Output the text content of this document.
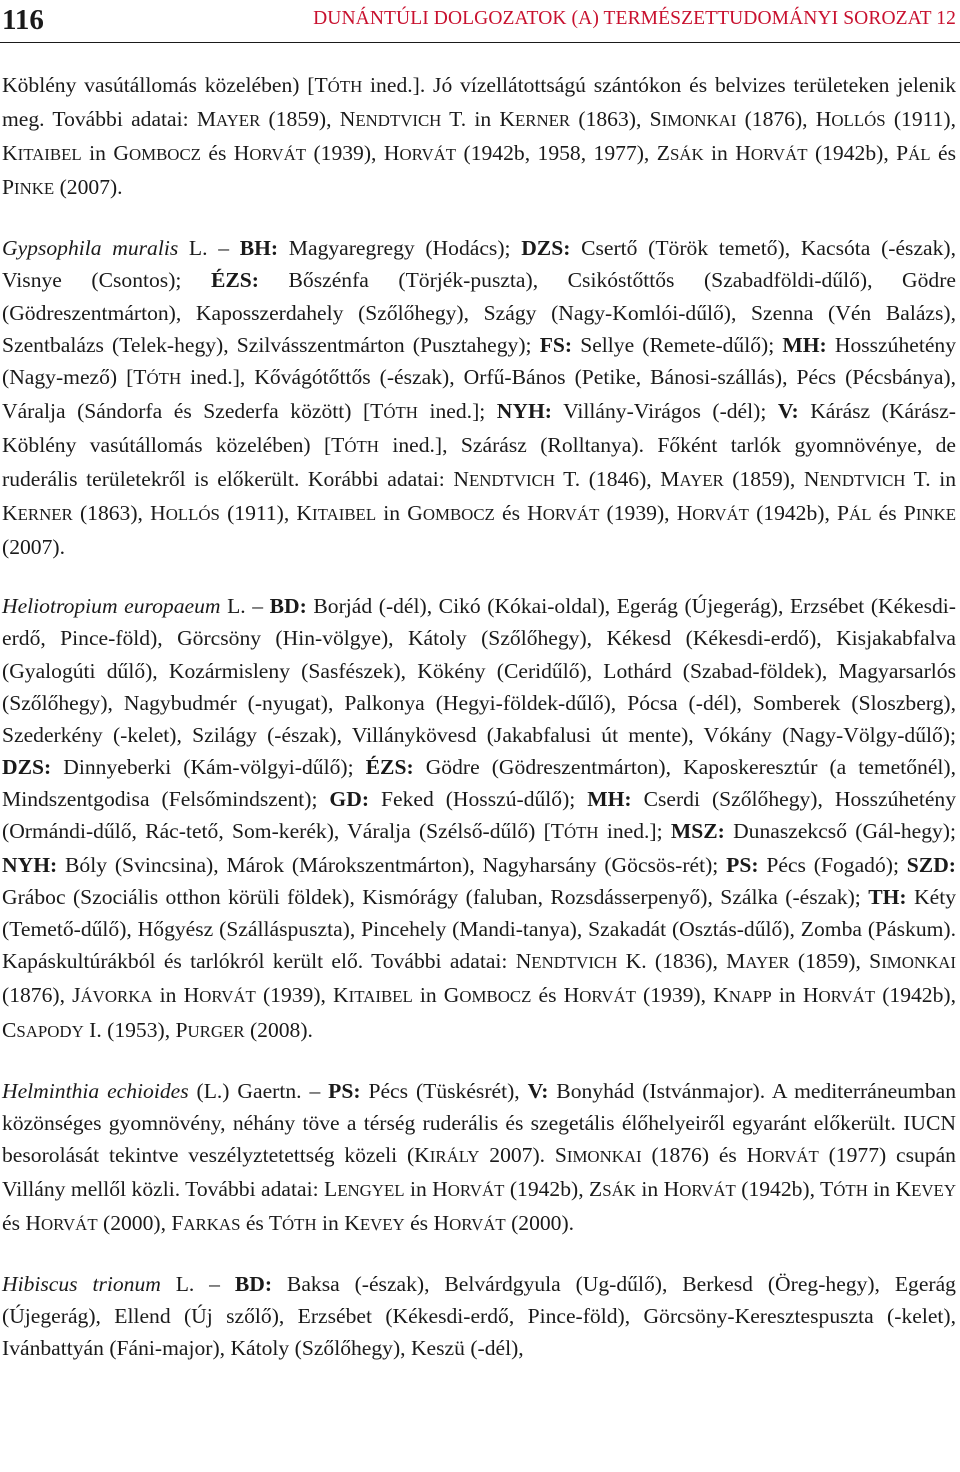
116	DUNÁNTÚLI DOLGOZATOK (A) TERMÉSZETTUDOMÁNYI SOROZAT 12

Köblény vasútállomás közelében) [TÓTH ined.]. Jó vízellátottságú szántókon és belvizes területeken jelenik meg. További adatai: MAYER (1859), NENDTVICH T. in KERNER (1863), SIMONKAI (1876), HOLLÓS (1911), KITAIBEL in GOMBOCZ és HORVÁT (1939), HORVÁT (1942b, 1958, 1977), ZSÁK in HORVÁT (1942b), PÁL és PINKE (2007).

Gypsophila muralis L. – BH: Magyaregregy (Hodács); DZS: Csertő (Török temető), Kacsóta (-észak), Visnye (Csontos); ÉZS: Bőszénfa (Törjék-puszta), Csikóstőttős (Szabadföldi-dűlő), Gödre (Gödreszentmárton), Kaposszerdahely (Szőlőhegy), Szágy (Nagy-Komlói-dűlő), Szenna (Vén Balázs), Szentbalázs (Telek-hegy), Szilvásszentmárton (Pusztahegy); FS: Sellye (Remete-dűlő); MH: Hosszúhetény (Nagy-mező) [TÓTH ined.], Kővágótőttős (-észak), Orfű-Bános (Petike, Bánosi-szállás), Pécs (Pécsbánya), Váralja (Sándorfa és Szederfa között) [TÓTH ined.]; NYH: Villány-Virágos (-dél); V: Kárász (Kárász-Köblény vasútállomás közelében) [TÓTH ined.], Szárász (Rolltanya). Főként tarlók gyomnövénye, de ruderális területekről is előkerült. Korábbi adatai: NENDTVICH T. (1846), MAYER (1859), NENDTVICH T. in KERNER (1863), HOLLÓS (1911), KITAIBEL in GOMBOCZ és HORVÁT (1939), HORVÁT (1942b), PÁL és PINKE (2007).

Heliotropium europaeum L. – BD: Borjád (-dél), Cikó (Kókai-oldal), Egerág (Újegerág), Erzsébet (Kékesdi-erdő, Pince-föld), Görcsöny (Hin-völgye), Kátoly (Szőlőhegy), Kékesd (Kékesdi-erdő), Kisjakabfalva (Gyalogúti dűlő), Kozármisleny (Sasfészek), Kökény (Ceridűlő), Lothárd (Szabad-földek), Magyarsarlós (Szőlőhegy), Nagybudmér (-nyugat), Palkonya (Hegyi-földek-dűlő), Pócsa (-dél), Somberek (Sloszberg), Szederkény (-kelet), Szilágy (-észak), Villánykövesd (Jakabfalusi út mente), Vókány (Nagy-Völgy-dűlő); DZS: Dinnyeberki (Kám-völgyi-dűlő); ÉZS: Gödre (Gödreszentmárton), Kaposkeresztúr (a temetőnél), Mindszentgodisa (Felsőmindszent); GD: Feked (Hosszú-dűlő); MH: Cserdi (Szőlőhegy), Hosszúhetény (Ormándi-dűlő, Rác-tető, Som-kerék), Váralja (Szélső-dűlő) [TÓTH ined.]; MSZ: Dunaszekcső (Gál-hegy); NYH: Bóly (Svincsina), Márok (Márokszentmárton), Nagyharsány (Göcsös-rét); PS: Pécs (Fogadó); SZD: Gráboc (Szociális otthon körüli földek), Kismórágy (faluban, Rozsdásserpenyő), Szálka (-észak); TH: Kéty (Temető-dűlő), Hőgyész (Szálláspuszta), Pincehely (Mandi-tanya), Szakadát (Osztás-dűlő), Zomba (Páskum). Kapáskultúrákból és tarlókról került elő. További adatai: NENDTVICH K. (1836), MAYER (1859), SIMONKAI (1876), JÁVORKA in HORVÁT (1939), KITAIBEL in GOMBOCZ és HORVÁT (1939), KNAPP in HORVÁT (1942b), CSAPODY I. (1953), PURGER (2008).

Helminthia echioides (L.) Gaertn. – PS: Pécs (Tüskésrét), V: Bonyhád (Istvánmajor). A mediterráneumban közönséges gyomnövény, néhány töve a térség ruderális és szegetális élőhelyeiről egyaránt előkerült. IUCN besorolását tekintve veszélyztetettség közeli (KIRÁLY 2007). SIMONKAI (1876) és HORVÁT (1977) csupán Villány mellől közli. További adatai: LENGYEL in HORVÁT (1942b), ZSÁK in HORVÁT (1942b), TÓTH in KEVEY és HORVÁT (2000), FARKAS és TÓTH in KEVEY és HORVÁT (2000).

Hibiscus trionum L. – BD: Baksa (-észak), Belvárdgyula (Ug-dűlő), Berkesd (Öreg-hegy), Egerág (Újegerág), Ellend (Új szőlő), Erzsébet (Kékesdi-erdő, Pince-föld), Görcsöny-Keresztespuszta (-kelet), Ivánbattyán (Fáni-major), Kátoly (Szőlőhegy), Keszü (-dél),
